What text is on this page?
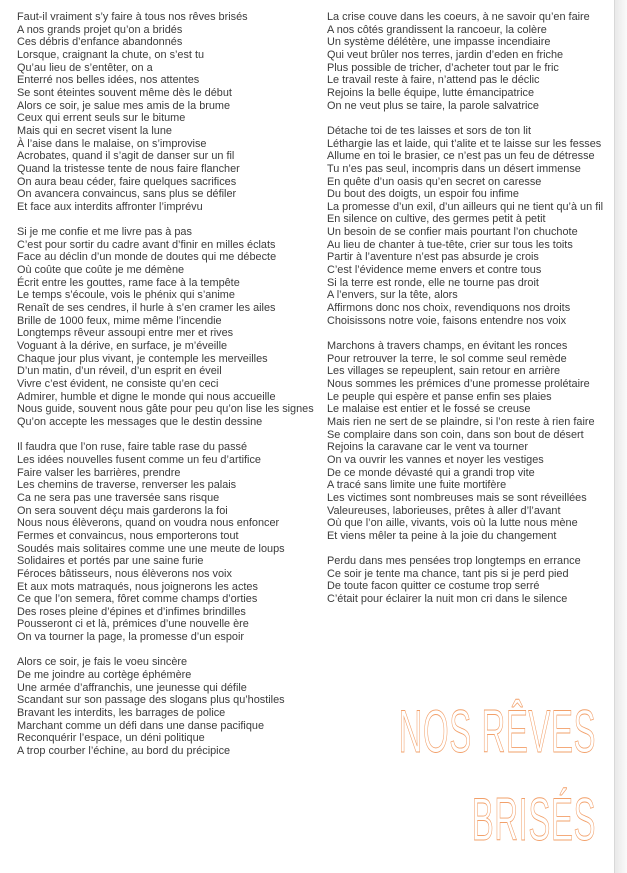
Faut-il vraiment s’y faire à tous nos rêves brisés
A nos grands projet qu’on a bridés
Ces débris d’enfance abandonnés
Lorsque, craignant la chute, on s’est tu
Qu’au lieu de s’entêter, on a
Enterré nos belles idées, nos attentes
Se sont éteintes souvent même dès le début
Alors ce soir, je salue mes amis de la brume
Ceux qui errent seuls sur le bitume
Mais qui en secret visent la lune
À l’aise dans le malaise, on s’improvise
Acrobates, quand il s’agit de danser sur un fil
Quand la tristesse tente de nous faire flancher
On aura beau céder, faire quelques sacrifices
On avancera convaincus, sans plus se défiler
Et face aux interdits affronter l’imprévu
Si je me confie et me livre pas à pas
C’est pour sortir du cadre avant d’finir en milles éclats
Face au déclin d’un monde de doutes qui me débecte
Où coûte que coûte je me démène
Écrit entre les gouttes, rame face à la tempête
Le temps s’écoule, vois le phénix qui s’anime
Renaît de ses cendres, il hurle à s’en cramer les ailes
Brille de 1000 feux, mime même l’incendie
Longtemps rêveur assoupi entre mer et rives
Voguant à la dérive, en surface, je m’éveille
Chaque jour plus vivant, je contemple les merveilles
D’un matin, d’un réveil, d’un esprit en éveil
Vivre c’est évident, ne consiste qu’en ceci
Admirer, humble et digne le monde qui nous accueille
Nous guide, souvent nous gâte pour peu qu’on lise les signes
Qu’on accepte les messages que le destin dessine
Il faudra que l’on ruse, faire table rase du passé
Les idées nouvelles fusent comme un feu d’artifice
Faire valser les barrières, prendre
Les chemins de traverse, renverser les palais
Ca ne sera pas une traversée sans risque
On sera souvent déçu mais garderons la foi
Nous nous élèverons, quand on voudra nous enfoncer
Fermes et convaincus, nous emporterons tout
Soudés mais solitaires comme une une meute de loups
Solidaires et portés par une saine furie
Féroces bâtisseurs, nous élèverons nos voix
Et aux mots matraqués, nous joignerons les actes
Ce que l’on semera, fôret comme champs d’orties
Des roses pleine d’épines et d’infimes brindilles
Pousseront ci et là, prémices d’une nouvelle ère
On va tourner la page, la promesse d’un espoir
Alors ce soir, je fais le voeu sincère
De me joindre au cortège éphémère
Une armée d’affranchis, une jeunesse qui défile
Scandant sur son passage des slogans plus qu’hostiles
Bravant les interdits, les barrages de police
Marchant comme un défi dans une danse pacifique
Reconquérir l’espace, un déni politique
A trop courber l’échine, au bord du précipice
La crise couve dans les coeurs, à ne savoir qu’en faire
A nos côtés grandissent la rancoeur, la colère
Un système délétère, une impasse incendiaire
Qui veut brûler nos terres, jardin d’eden en friche
Plus possible de tricher, d’acheter tout par le fric
Le travail reste à faire, n’attend pas le déclic
Rejoins la belle équipe, lutte émancipatrice
On ne veut plus se taire, la parole salvatrice
Détache toi de tes laisses et sors de ton lit
Léthargie las et laide, qui t’alite et te laisse sur les fesses
Allume en toi le brasier, ce n’est pas un feu de détresse
Tu n’es pas seul, incompris dans un désert immense
En quête d’un oasis qu’en secret on caresse
Du bout des doigts, un espoir fou infime
La promesse d’un exil, d’un ailleurs qui ne tient qu’à un fil
En silence on cultive, des germes petit à petit
Un besoin de se confier mais pourtant l’on chuchote
Au lieu de chanter à tue-tête, crier sur tous les toits
Partir à l’aventure n’est pas absurde je crois
C’est l’évidence meme envers et contre tous
Si la terre est ronde, elle ne tourne pas droit
A l’envers, sur la tête, alors
Affirmons donc nos choix, revendiquons nos droits
Choisissons notre voie, faisons entendre nos voix
Marchons à travers champs, en évitant les ronces
Pour retrouver la terre, le sol comme seul remède
Les villages se repeuplent, sain retour en arrière
Nous sommes les prémices d’une promesse prolétaire
Le peuple qui espère et panse enfin ses plaies
Le malaise est entier et le fossé se creuse
Mais rien ne sert de se plaindre, si l’on reste à rien faire
Se complaire dans son coin, dans son bout de désert
Rejoins la caravane car le vent va tourner
On va ouvrir les vannes et noyer les vestiges
De ce monde dévasté qui a grandi trop vite
A tracé sans limite une fuite mortifère
Les victimes sont nombreuses mais se sont réveillées
Valeureuses, laborieuses, prêtes à aller d’l’avant
Où que l’on aille, vivants, vois où la lutte nous mène
Et viens mêler ta peine à la joie du changement
Perdu dans mes pensées trop longtemps en errance
Ce soir je tente ma chance, tant pis si je perd pied
De toute facon quitter ce costume trop serré
C’était pour éclairer la nuit mon cri dans le silence
NOS RÊVES
BRISÉS
